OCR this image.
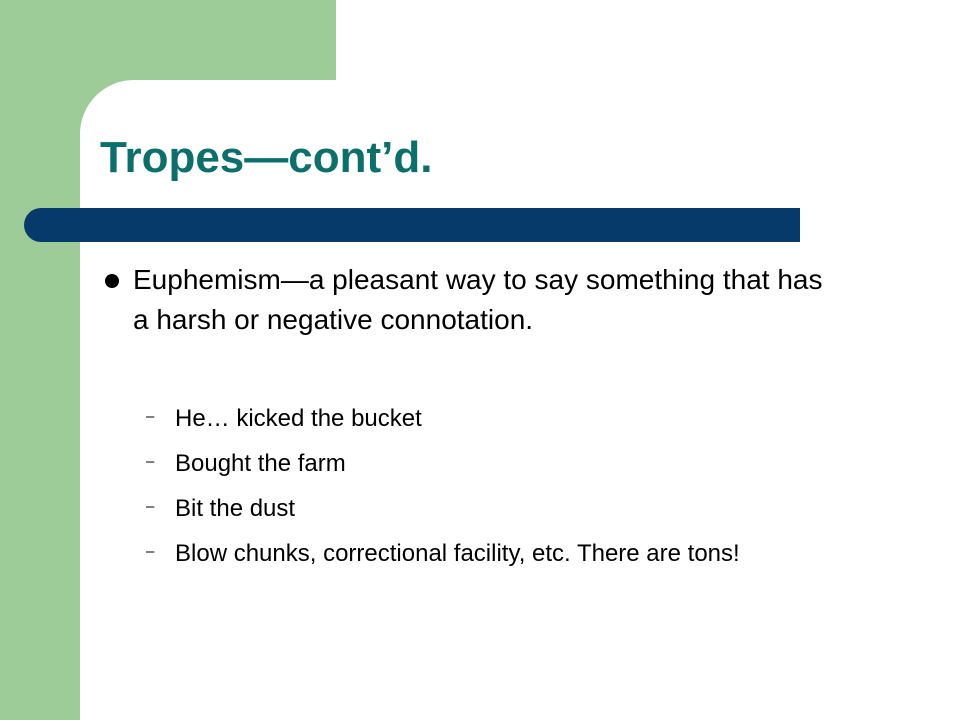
Tropes—cont’d.

Euphemism—a pleasant way to say something that has a harsh or negative connotation.

– He… kicked the bucket

– Bought the farm

– Bit the dust

– Blow chunks, correctional facility, etc. There are tons!
